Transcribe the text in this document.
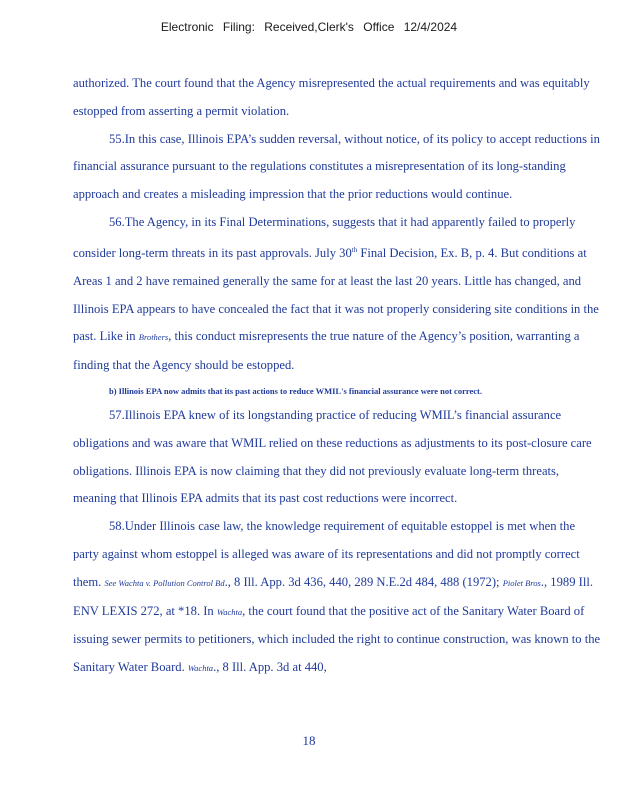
Electronic Filing: Received,Clerk's Office 12/4/2024

authorized. The court found that the Agency misrepresented the actual requirements and was equitably estopped from asserting a permit violation.

55.In this case, Illinois EPA’s sudden reversal, without notice, of its policy to accept reductions in financial assurance pursuant to the regulations constitutes a misrepresentation of its long-standing approach and creates a misleading impression that the prior reductions would continue.

56.The Agency, in its Final Determinations, suggests that it had apparently failed to properly consider long-term threats in its past approvals. July 30th Final Decision, Ex. B, p. 4. But conditions at Areas 1 and 2 have remained generally the same for at least the last 20 years. Little has changed, and Illinois EPA appears to have concealed the fact that it was not properly considering site conditions in the past. Like in Brothers, this conduct misrepresents the true nature of the Agency’s position, warranting a finding that the Agency should be estopped.

b) Illinois EPA now admits that its past actions to reduce WMIL's financial assurance were not correct.

57.Illinois EPA knew of its longstanding practice of reducing WMIL’s financial assurance obligations and was aware that WMIL relied on these reductions as adjustments to its post-closure care obligations. Illinois EPA is now claiming that they did not previously evaluate long-term threats, meaning that Illinois EPA admits that its past cost reductions were incorrect.

58.Under Illinois case law, the knowledge requirement of equitable estoppel is met when the party against whom estoppel is alleged was aware of its representations and did not promptly correct them. See Wachta v. Pollution Control Bd., 8 Ill. App. 3d 436, 440, 289 N.E.2d 484, 488 (1972); Piolet Bros., 1989 Ill. ENV LEXIS 272, at *18. In Wachta, the court found that the positive act of the Sanitary Water Board of issuing sewer permits to petitioners, which included the right to continue construction, was known to the Sanitary Water Board. Wachta., 8 Ill. App. 3d at 440,

18
